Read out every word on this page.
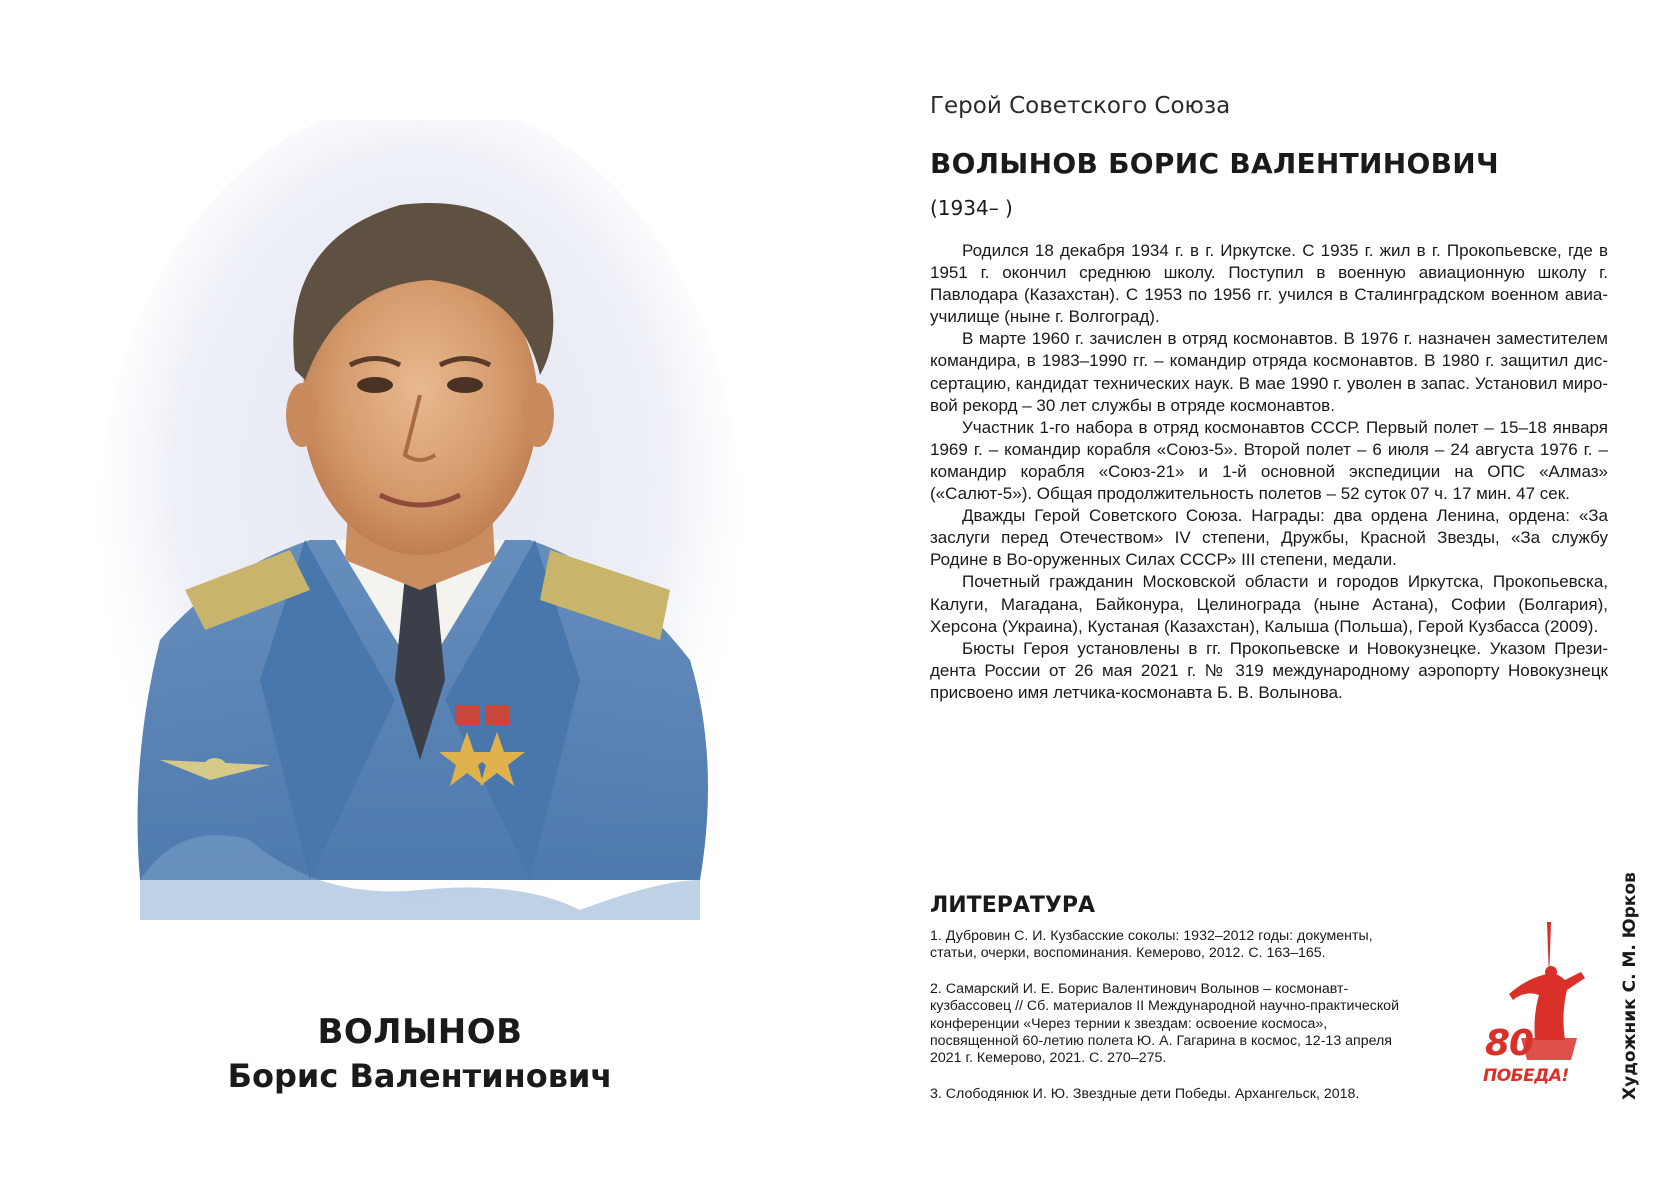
ВОЛЫНОВ
Борис Валентинович
Герой Советского Союза
ВОЛЫНОВ БОРИС ВАЛЕНТИНОВИЧ
(1934– )

Родился 18 декабря 1934 г. в г. Иркутске. С 1935 г. жил в г. Прокопьевске, где в 1951 г. окончил среднюю школу. Поступил в военную авиационную школу г. Павлодара (Казахстан). С 1953 по 1956 гг. учился в Сталинградском военном авиа-училище (ныне г. Волгоград).

В марте 1960 г. зачислен в отряд космонавтов. В 1976 г. назначен заместителем командира, в 1983–1990 гг. – командир отряда космонавтов. В 1980 г. защитил дис-сертацию, кандидат технических наук. В мае 1990 г. уволен в запас. Установил миро-вой рекорд – 30 лет службы в отряде космонавтов.

Участник 1-го набора в отряд космонавтов СССР. Первый полет – 15–18 января 1969 г. – командир корабля «Союз-5». Второй полет – 6 июля – 24 августа 1976 г. – командир корабля «Союз-21» и 1-й основной экспедиции на ОПС «Алмаз» («Салют-5»). Общая продолжительность полетов – 52 суток 07 ч. 17 мин. 47 сек.

Дважды Герой Советского Союза. Награды: два ордена Ленина, ордена: «За заслуги перед Отечеством» IV степени, Дружбы, Красной Звезды, «За службу Родине в Во-оруженных Силах СССР» III степени, медали.

Почетный гражданин Московской области и городов Иркутска, Прокопьевска, Калуги, Магадана, Байконура, Целинограда (ныне Астана), Софии (Болгария), Херсона (Украина), Кустаная (Казахстан), Калыша (Польша), Герой Кузбасса (2009).

Бюсты Героя установлены в гг. Прокопьевске и Новокузнецке. Указом Прези-дента России от 26 мая 2021 г. № 319 международному аэропорту Новокузнецк присвоено имя летчика-космонавта Б. В. Волынова.

ЛИТЕРАТУРА
1. Дубровин С. И. Кузбасские соколы: 1932–2012 годы: документы, статьи, очерки, воспоминания. Кемерово, 2012. С. 163–165.
2. Самарский И. Е. Борис Валентинович Волынов – космонавт-кузбассовец // Сб. материалов II Международной научно-практической конференции «Через тернии к звездам: освоение космоса», посвященной 60-летию полета Ю. А. Гагарина в космос, 12-13 апреля 2021 г. Кемерово, 2021. С. 270–275.
3. Слободянюк И. Ю. Звездные дети Победы. Архангельск, 2018.
80
ПОБЕДА!	Художник С. М. Юрков
